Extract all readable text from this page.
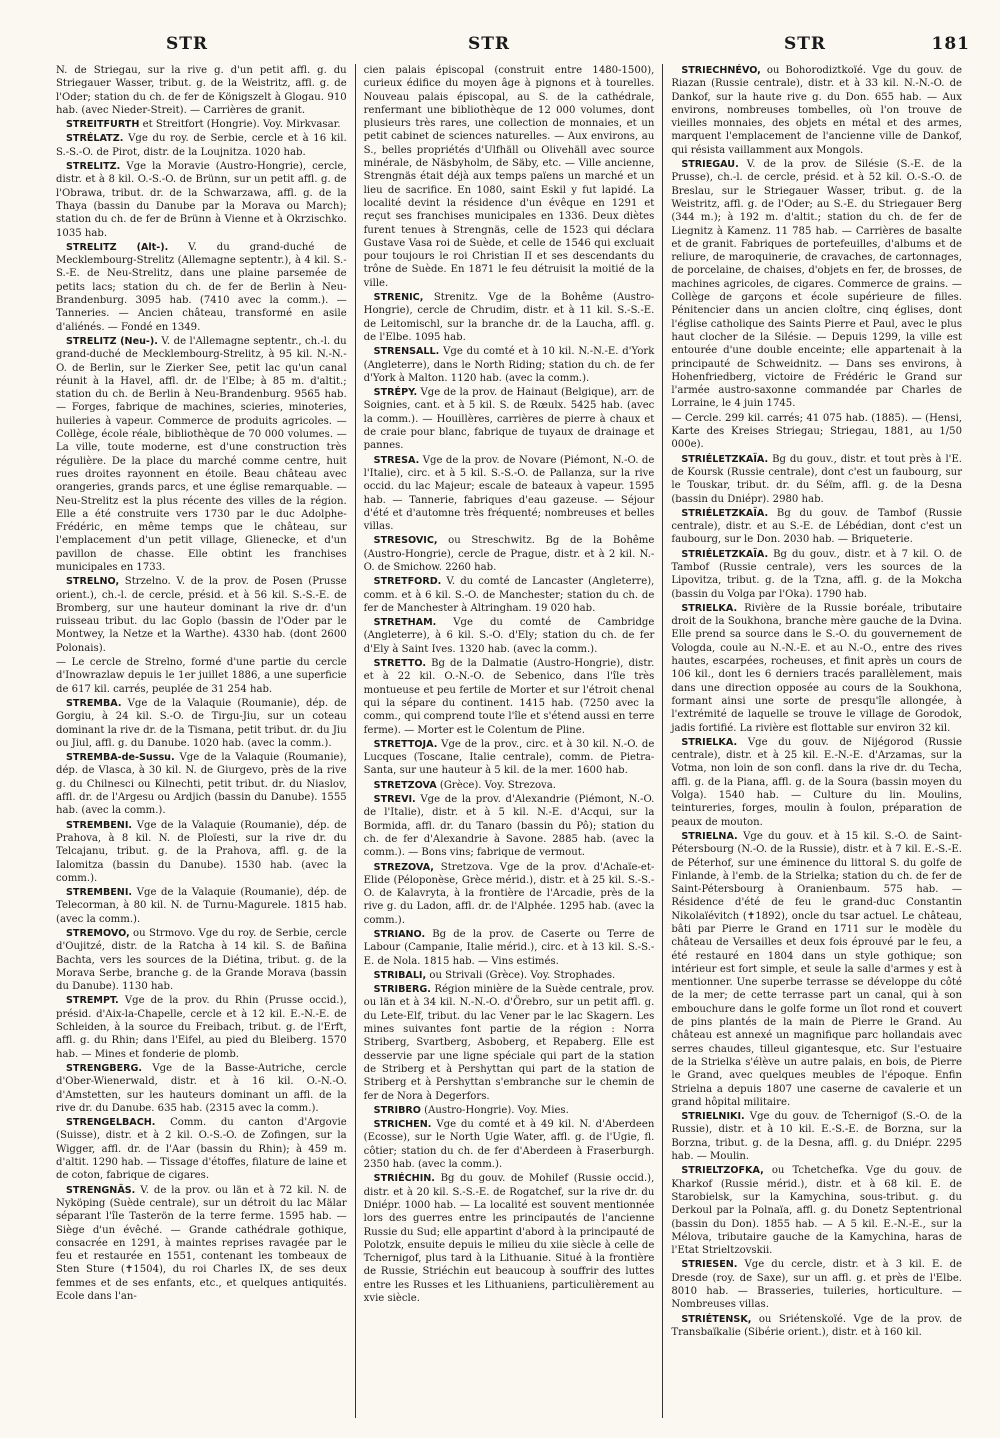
STR	STR	STR	181

N. de Striegau, sur la rive g. d'un petit affl. g. du Striegauer Wasser, tribut. g. de la Weistritz, affl. g. de l'Oder; station du ch. de fer de Königszelt à Glogau. 910 hab. (avec Nieder-Streit). — Carrières de granit.

STREITFURTH et Streitfort (Hongrie). Voy. Mirkvasar.

STRÉLATZ. Vge du roy. de Serbie, cercle et à 16 kil. S.-S.-O. de Pirot, distr. de la Loujnitza. 1020 hab.

STRELITZ. Vge la Moravie (Austro-Hongrie), cercle, distr. et à 8 kil. O.-S.-O. de Brünn, sur un petit affl. g. de l'Obrawa, tribut. dr. de la Schwarzawa, affl. g. de la Thaya (bassin du Danube par la Morava ou March); station du ch. de fer de Brünn à Vienne et à Okrzischko. 1035 hab.

STRELITZ (Alt-). V. du grand-duché de Mecklembourg-Strelitz (Allemagne septentr.), à 4 kil. S.-S.-E. de Neu-Strelitz, dans une plaine parsemée de petits lacs; station du ch. de fer de Berlin à Neu-Brandenburg. 3095 hab. (7410 avec la comm.). — Tanneries. — Ancien château, transformé en asile d'aliénés. — Fondé en 1349.

STRELITZ (Neu-). V. de l'Allemagne septentr., ch.-l. du grand-duché de Mecklembourg-Strelitz, à 95 kil. N.-N.-O. de Berlin, sur le Zierker See, petit lac qu'un canal réunit à la Havel, affl. dr. de l'Elbe; à 85 m. d'altit.; station du ch. de Berlin à Neu-Brandenburg. 9565 hab. — Forges, fabrique de machines, scieries, minoteries, huileries à vapeur. Commerce de produits agricoles. — Collège, école réale, bibliothèque de 70 000 volumes. — La ville, toute moderne, est d'une construction très régulière. De la place du marché comme centre, huit rues droites rayonnent en étoile. Beau château avec orangeries, grands parcs, et une église remarquable. — Neu-Strelitz est la plus récente des villes de la région. Elle a été construite vers 1730 par le duc Adolphe-Frédéric, en même temps que le château, sur l'emplacement d'un petit village, Glienecke, et d'un pavillon de chasse. Elle obtint les franchises municipales en 1733.

STRELNO, Strzelno. V. de la prov. de Posen (Prusse orient.), ch.-l. de cercle, présid. et à 56 kil. S.-S.-E. de Bromberg, sur une hauteur dominant la rive dr. d'un ruisseau tribut. du lac Goplo (bassin de l'Oder par le Montwey, la Netze et la Warthe). 4330 hab. (dont 2600 Polonais).

— Le cercle de Strelno, formé d'une partie du cercle d'Inowrazlaw depuis le 1er juillet 1886, a une superficie de 617 kil. carrés, peuplée de 31 254 hab.

STREMBA. Vge de la Valaquie (Roumanie), dép. de Gorgiu, à 24 kil. S.-O. de Tirgu-Jiu, sur un coteau dominant la rive dr. de la Tismana, petit tribut. dr. du Jiu ou Jiul, affl. g. du Danube. 1020 hab. (avec la comm.).

STREMBA-de-Sussu. Vge de la Valaquie (Roumanie), dép. de Vlasca, à 30 kil. N. de Giurgevo, près de la rive g. du Chilnesci ou Kilnechti, petit tribut. dr. du Niaslov, affl. dr. de l'Argesu ou Ardjich (bassin du Danube). 1555 hab. (avec la comm.).

STREMBENI. Vge de la Valaquie (Roumanie), dép. de Prahova, à 8 kil. N. de Ploïesti, sur la rive dr. du Telcajanu, tribut. g. de la Prahova, affl. g. de la Ialomitza (bassin du Danube). 1530 hab. (avec la comm.).

STREMBENI. Vge de la Valaquie (Roumanie), dép. de Telecorman, à 80 kil. N. de Turnu-Magurele. 1815 hab. (avec la comm.).

STREMOVO, ou Strmovo. Vge du roy. de Serbie, cercle d'Oujitzé, distr. de la Ratcha à 14 kil. S. de Bañina Bachta, vers les sources de la Diétina, tribut. g. de la Morava Serbe, branche g. de la Grande Morava (bassin du Danube). 1130 hab.

STREMPT. Vge de la prov. du Rhin (Prusse occid.), présid. d'Aix-la-Chapelle, cercle et à 12 kil. E.-N.-E. de Schleiden, à la source du Freibach, tribut. g. de l'Erft, affl. g. du Rhin; dans l'Eifel, au pied du Bleiberg. 1570 hab. — Mines et fonderie de plomb.

STRENGBERG. Vge de la Basse-Autriche, cercle d'Ober-Wienerwald, distr. et à 16 kil. O.-N.-O. d'Amstetten, sur les hauteurs dominant un affl. de la rive dr. du Danube. 635 hab. (2315 avec la comm.).

STRENGELBACH. Comm. du canton d'Argovie (Suisse), distr. et à 2 kil. O.-S.-O. de Zofingen, sur la Wigger, affl. dr. de l'Aar (bassin du Rhin); à 459 m. d'altit. 1290 hab. — Tissage d'étoffes, filature de laine et de coton, fabrique de cigares.

STRENGNÄS. V. de la prov. ou län et à 72 kil. N. de Nyköping (Suède centrale), sur un détroit du lac Mälar séparant l'île Tasterön de la terre ferme. 1595 hab. — Siège d'un évêché. — Grande cathédrale gothique, consacrée en 1291, à maintes reprises ravagée par le feu et restaurée en 1551, contenant les tombeaux de Sten Sture (✝1504), du roi Charles IX, de ses deux femmes et de ses enfants, etc., et quelques antiquités. Ecole dans l'an-

cien palais épiscopal (construit entre 1480-1500), curieux édifice du moyen âge à pignons et à tourelles. Nouveau palais épiscopal, au S. de la cathédrale, renfermant une bibliothèque de 12 000 volumes, dont plusieurs très rares, une collection de monnaies, et un petit cabinet de sciences naturelles. — Aux environs, au S., belles propriétés d'Ulfhäll ou Olivehäll avec source minérale, de Näsbyholm, de Säby, etc. — Ville ancienne, Strengnäs était déjà aux temps païens un marché et un lieu de sacrifice. En 1080, saint Eskil y fut lapidé. La localité devint la résidence d'un évêque en 1291 et reçut ses franchises municipales en 1336. Deux diètes furent tenues à Strengnäs, celle de 1523 qui déclara Gustave Vasa roi de Suède, et celle de 1546 qui excluait pour toujours le roi Christian II et ses descendants du trône de Suède. En 1871 le feu détruisit la moitié de la ville.

STRENIC, Strenitz. Vge de la Bohême (Austro-Hongrie), cercle de Chrudim, distr. et à 11 kil. S.-S.-E. de Leitomischl, sur la branche dr. de la Laucha, affl. g. de l'Elbe. 1095 hab.

STRENSALL. Vge du comté et à 10 kil. N.-N.-E. d'York (Angleterre), dans le North Riding; station du ch. de fer d'York à Malton. 1120 hab. (avec la comm.).

STRÉPY. Vge de la prov. de Hainaut (Belgique), arr. de Soignies, cant. et à 5 kil. S. de Rœulx. 5425 hab. (avec la comm.). — Houillères, carrières de pierre à chaux et de craie pour blanc, fabrique de tuyaux de drainage et pannes.

STRESA. Vge de la prov. de Novare (Piémont, N.-O. de l'Italie), circ. et à 5 kil. S.-S.-O. de Pallanza, sur la rive occid. du lac Majeur; escale de bateaux à vapeur. 1595 hab. — Tannerie, fabriques d'eau gazeuse. — Séjour d'été et d'automne très fréquenté; nombreuses et belles villas.

STRESOVIC, ou Streschwitz. Bg de la Bohême (Austro-Hongrie), cercle de Prague, distr. et à 2 kil. N.-O. de Smichow. 2260 hab.

STRETFORD. V. du comté de Lancaster (Angleterre), comm. et à 6 kil. S.-O. de Manchester; station du ch. de fer de Manchester à Altringham. 19 020 hab.

STRETHAM. Vge du comté de Cambridge (Angleterre), à 6 kil. S.-O. d'Ely; station du ch. de fer d'Ely à Saint Ives. 1320 hab. (avec la comm.).

STRETTO. Bg de la Dalmatie (Austro-Hongrie), distr. et à 22 kil. O.-N.-O. de Sebenico, dans l'île très montueuse et peu fertile de Morter et sur l'étroit chenal qui la sépare du continent. 1415 hab. (7250 avec la comm., qui comprend toute l'île et s'étend aussi en terre ferme). — Morter est le Colentum de Pline.

STRETTOJA. Vge de la prov., circ. et à 30 kil. N.-O. de Lucques (Toscane, Italie centrale), comm. de Pietra-Santa, sur une hauteur à 5 kil. de la mer. 1600 hab.

STRETZOVA (Grèce). Voy. Strezova.

STREVI. Vge de la prov. d'Alexandrie (Piémont, N.-O. de l'Italie), distr. et à 5 kil. N.-E. d'Acqui, sur la Bormida, affl. dr. du Tanaro (bassin du Pô); station du ch. de fer d'Alexandrie à Savone. 2885 hab. (avec la comm.). — Bons vins; fabrique de vermout.

STREZOVA, Stretzova. Vge de la prov. d'Achaïe-et-Elide (Péloponèse, Grèce mérid.), distr. et à 25 kil. S.-S.-O. de Kalavryta, à la frontière de l'Arcadie, près de la rive g. du Ladon, affl. dr. de l'Alphée. 1295 hab. (avec la comm.).

STRIANO. Bg de la prov. de Caserte ou Terre de Labour (Campanie, Italie mérid.), circ. et à 13 kil. S.-S.-E. de Nola. 1815 hab. — Vins estimés.

STRIBALI, ou Strivali (Grèce). Voy. Strophades.

STRIBERG. Région minière de la Suède centrale, prov. ou län et à 34 kil. N.-N.-O. d'Örebro, sur un petit affl. g. du Lete-Elf, tribut. du lac Vener par le lac Skagern. Les mines suivantes font partie de la région : Norra Striberg, Svartberg, Asboberg, et Repaberg. Elle est desservie par une ligne spéciale qui part de la station de Striberg et à Pershyttan qui part de la station de Striberg et à Pershyttan s'embranche sur le chemin de fer de Nora à Degerfors.

STRIBRO (Austro-Hongrie). Voy. Mies.

STRICHEN. Vge du comté et à 49 kil. N. d'Aberdeen (Ecosse), sur le North Ugie Water, affl. g. de l'Ugie, fl. côtier; station du ch. de fer d'Aberdeen à Fraserburgh. 2350 hab. (avec la comm.).

STRIÉCHIN. Bg du gouv. de Mohilef (Russie occid.), distr. et à 20 kil. S.-S.-E. de Rogatchef, sur la rive dr. du Dniépr. 1000 hab. — La localité est souvent mentionnée lors des guerres entre les principautés de l'ancienne Russie du Sud; elle appartint d'abord à la principauté de Polotzk, ensuite depuis le milieu du xiie siècle à celle de Tchernigof, plus tard à la Lithuanie. Situé à la frontière de Russie, Striéchin eut beaucoup à souffrir des luttes entre les Russes et les Lithuaniens, particulièrement au xvie siècle.

STRIECHNÉVO, ou Bohorodiztkoïé. Vge du gouv. de Riazan (Russie centrale), distr. et à 33 kil. N.-N.-O. de Dankof, sur la haute rive g. du Don. 655 hab. — Aux environs, nombreuses tombelles, où l'on trouve de vieilles monnaies, des objets en métal et des armes, marquent l'emplacement de l'ancienne ville de Dankof, qui résista vaillamment aux Mongols.

STRIEGAU. V. de la prov. de Silésie (S.-E. de la Prusse), ch.-l. de cercle, présid. et à 52 kil. O.-S.-O. de Breslau, sur le Striegauer Wasser, tribut. g. de la Weistritz, affl. g. de l'Oder; au S.-E. du Striegauer Berg (344 m.); à 192 m. d'altit.; station du ch. de fer de Liegnitz à Kamenz. 11 785 hab. — Carrières de basalte et de granit. Fabriques de portefeuilles, d'albums et de reliure, de maroquinerie, de cravaches, de cartonnages, de porcelaine, de chaises, d'objets en fer, de brosses, de machines agricoles, de cigares. Commerce de grains. — Collège de garçons et école supérieure de filles. Pénitencier dans un ancien cloître, cinq églises, dont l'église catholique des Saints Pierre et Paul, avec le plus haut clocher de la Silésie. — Depuis 1299, la ville est entourée d'une double enceinte; elle appartenait à la principauté de Schweidnitz. — Dans ses environs, à Hohenfriedberg, victoire de Frédéric le Grand sur l'armée austro-saxonne commandée par Charles de Lorraine, le 4 juin 1745.

— Cercle. 299 kil. carrés; 41 075 hab. (1885). — (Hensi, Karte des Kreises Striegau; Striegau, 1881, au 1/50 000e).

STRIÉLETZKAÏA. Bg du gouv., distr. et tout près à l'E. de Koursk (Russie centrale), dont c'est un faubourg, sur le Touskar, tribut. dr. du Séïm, affl. g. de la Desna (bassin du Dniépr). 2980 hab.

STRIÉLETZKAÏA. Bg du gouv. de Tambof (Russie centrale), distr. et au S.-E. de Lébédian, dont c'est un faubourg, sur le Don. 2030 hab. — Briqueterie.

STRIÉLETZKAÏA. Bg du gouv., distr. et à 7 kil. O. de Tambof (Russie centrale), vers les sources de la Lipovitza, tribut. g. de la Tzna, affl. g. de la Mokcha (bassin du Volga par l'Oka). 1790 hab.

STRIELKA. Rivière de la Russie boréale, tributaire droit de la Soukhona, branche mère gauche de la Dvina. Elle prend sa source dans le S.-O. du gouvernement de Vologda, coule au N.-N.-E. et au N.-O., entre des rives hautes, escarpées, rocheuses, et finit après un cours de 106 kil., dont les 6 derniers tracés parallèlement, mais dans une direction opposée au cours de la Soukhona, formant ainsi une sorte de presqu'île allongée, à l'extrémité de laquelle se trouve le village de Gorodok, jadis fortifié. La rivière est flottable sur environ 32 kil.

STRIELKA. Vge du gouv. de Nijégorod (Russie centrale), distr. et à 25 kil. E.-N.-E. d'Arzamas, sur la Votma, non loin de son confl. dans la rive dr. du Techa, affl. g. de la Piana, affl. g. de la Soura (bassin moyen du Volga). 1540 hab. — Culture du lin. Moulins, teintureries, forges, moulin à foulon, préparation de peaux de mouton.

STRIELNA. Vge du gouv. et à 15 kil. S.-O. de Saint-Pétersbourg (N.-O. de la Russie), distr. et à 7 kil. E.-S.-E. de Péterhof, sur une éminence du littoral S. du golfe de Finlande, à l'emb. de la Strielka; station du ch. de fer de Saint-Pétersbourg à Oranienbaum. 575 hab. — Résidence d'été de feu le grand-duc Constantin Nikolaïévitch (✝1892), oncle du tsar actuel. Le château, bâti par Pierre le Grand en 1711 sur le modèle du château de Versailles et deux fois éprouvé par le feu, a été restauré en 1804 dans un style gothique; son intérieur est fort simple, et seule la salle d'armes y est à mentionner. Une superbe terrasse se développe du côté de la mer; de cette terrasse part un canal, qui à son embouchure dans le golfe forme un îlot rond et couvert de pins plantés de la main de Pierre le Grand. Au château est annexé un magnifique parc hollandais avec serres chaudes, tilleul gigantesque, etc. Sur l'estuaire de la Strielka s'élève un autre palais, en bois, de Pierre le Grand, avec quelques meubles de l'époque. Enfin Strielna a depuis 1807 une caserne de cavalerie et un grand hôpital militaire.

STRIELNIKI. Vge du gouv. de Tchernigof (S.-O. de la Russie), distr. et à 10 kil. E.-S.-E. de Borzna, sur la Borzna, tribut. g. de la Desna, affl. g. du Dniépr. 2295 hab. — Moulin.

STRIELTZOFKA, ou Tchetchefka. Vge du gouv. de Kharkof (Russie mérid.), distr. et à 68 kil. E. de Starobielsk, sur la Kamychina, sous-tribut. g. du Derkoul par la Polnaïa, affl. g. du Donetz Septentrional (bassin du Don). 1855 hab. — A 5 kil. E.-N.-E., sur la Mélova, tributaire gauche de la Kamychina, haras de l'Etat Strieltzovskii.

STRIESEN. Vge du cercle, distr. et à 3 kil. E. de Dresde (roy. de Saxe), sur un affl. g. et près de l'Elbe. 8010 hab. — Brasseries, tuileries, horticulture. — Nombreuses villas.

STRIÉTENSK, ou Sriétenskoïé. Vge de la prov. de Transbaïkalie (Sibérie orient.), distr. et à 160 kil.
